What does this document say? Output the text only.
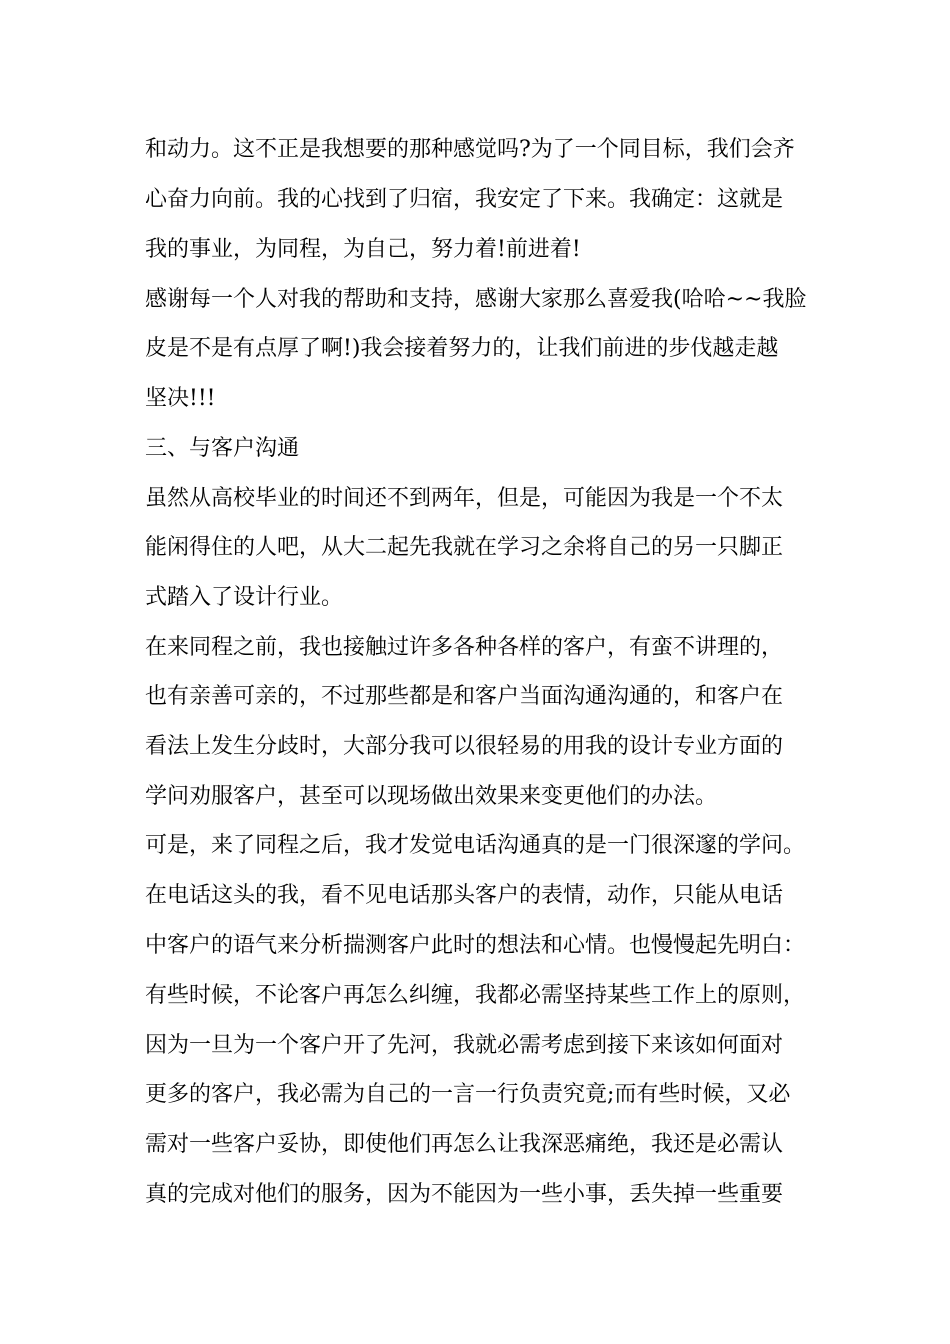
和动力。这不正是我想要的那种感觉吗?为了一个同目标，我们会齐
心奋力向前。我的心找到了归宿，我安定了下来。我确定：这就是
我的事业，为同程，为自己，努力着!前进着!
感谢每一个人对我的帮助和支持，感谢大家那么喜爱我(哈哈~~我脸
皮是不是有点厚了啊!)我会接着努力的，让我们前进的步伐越走越
坚决!!!
三、与客户沟通
虽然从高校毕业的时间还不到两年，但是，可能因为我是一个不太
能闲得住的人吧，从大二起先我就在学习之余将自己的另一只脚正
式踏入了设计行业。
在来同程之前，我也接触过许多各种各样的客户，有蛮不讲理的，
也有亲善可亲的，不过那些都是和客户当面沟通沟通的，和客户在
看法上发生分歧时，大部分我可以很轻易的用我的设计专业方面的
学问劝服客户，甚至可以现场做出效果来变更他们的办法。
可是，来了同程之后，我才发觉电话沟通真的是一门很深邃的学问。
在电话这头的我，看不见电话那头客户的表情，动作，只能从电话
中客户的语气来分析揣测客户此时的想法和心情。也慢慢起先明白：
有些时候，不论客户再怎么纠缠，我都必需坚持某些工作上的原则，
因为一旦为一个客户开了先河，我就必需考虑到接下来该如何面对
更多的客户，我必需为自己的一言一行负责究竟;而有些时候，又必
需对一些客户妥协，即使他们再怎么让我深恶痛绝，我还是必需认
真的完成对他们的服务，因为不能因为一些小事，丢失掉一些重要
